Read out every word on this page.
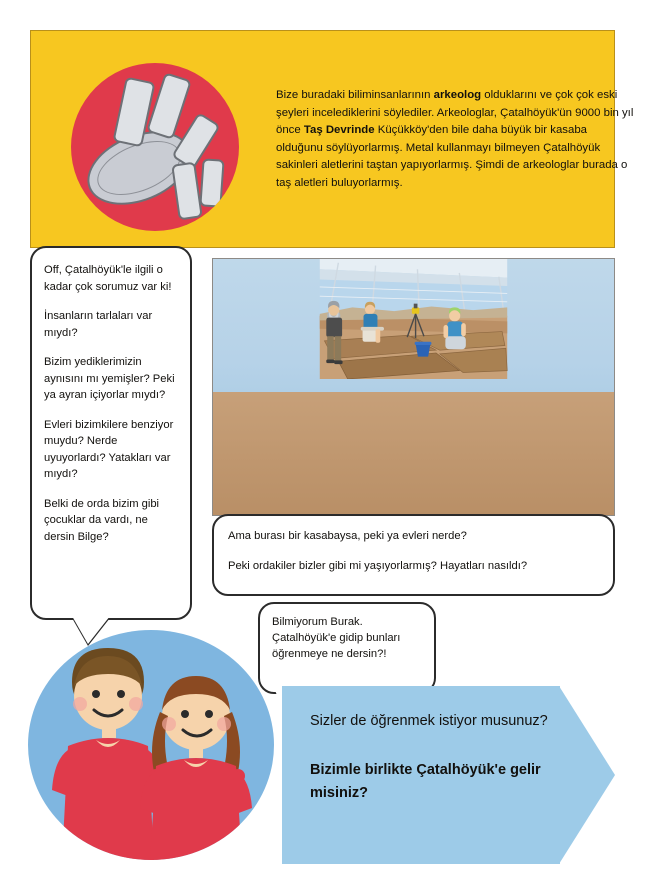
Bize buradaki biliminsanlarının arkeolog olduklarını ve çok çok eski şeyleri incelediklerini söylediler. Arkeologlar, Çatalhöyük'ün 9000 bin yıl önce Taş Devrinde Küçükköy'den bile daha büyük bir kasaba olduğunu söylüyorlarmış. Metal kullanmayı bilmeyen Çatalhöyük sakinleri aletlerini taştan yapıyorlarmış. Şimdi de arkeologlar burada o taş aletleri buluyorlarmış.

Off, Çatalhöyük'le ilgili o kadar çok sorumuz var ki!

İnsanların tarlaları var mıydı?

Bizim yediklerimizin aynısını mı yemişler? Peki ya ayran içiyorlar mıydı?

Evleri bizimkilere benziyor muydu? Nerde uyuyorlardı? Yatakları var mıydı?

Belki de orda bizim gibi çocuklar da vardı, ne dersin Bilge?	Ama burası bir kasabaysa, peki ya evleri nerde?

Peki ordakiler bizler gibi mi yaşıyorlarmış? Hayatları nasıldı?

Bilmiyorum Burak. Çatalhöyük'e gidip bunları öğrenmeye ne dersin?!

Sizler de öğrenmek istiyor musunuz?
Bizimle birlikte Çatalhöyük'e gelir misiniz?
